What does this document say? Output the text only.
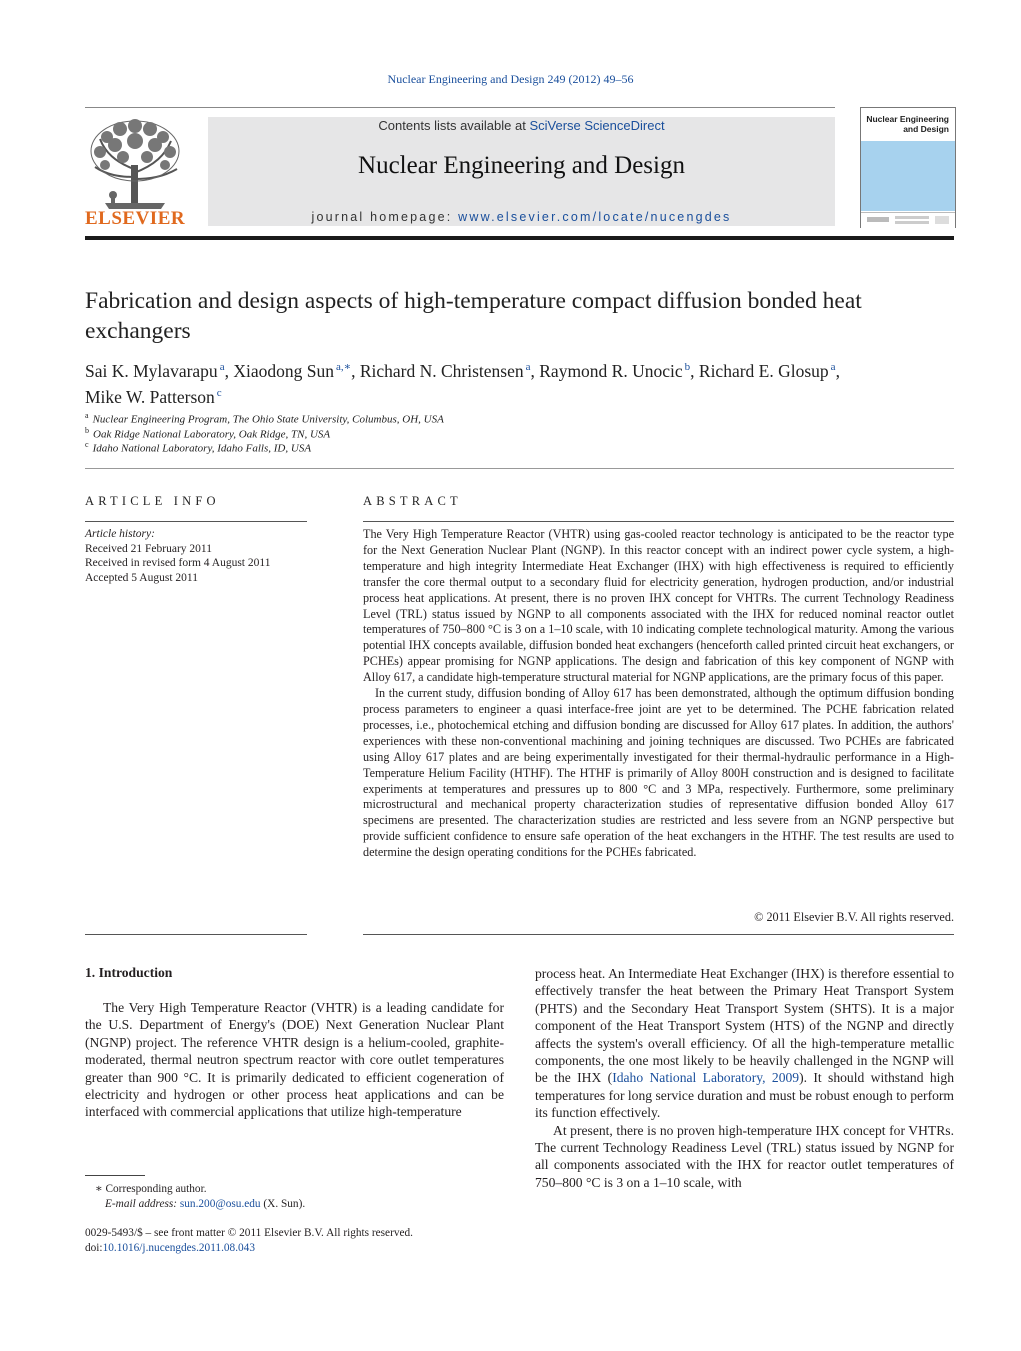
Nuclear Engineering and Design 249 (2012) 49–56
ELSEVIER
Contents lists available at SciVerse ScienceDirect
Nuclear Engineering and Design
journal homepage: www.elsevier.com/locate/nucengdes
Nuclear Engineering
and Design
Fabrication and design aspects of high-temperature compact diffusion bonded heat exchangers
Sai K. Mylavarapu $^a$, Xiaodong Sun $^{a,∗}$, Richard N. Christensen $^a$, Raymond R. Unocic $^b$, Richard E. Glosup $^a$,
Mike W. Patterson $^c$
$^a$ Nuclear Engineering Program, The Ohio State University, Columbus, OH, USA
$^b$ Oak Ridge National Laboratory, Oak Ridge, TN, USA
$^c$ Idaho National Laboratory, Idaho Falls, ID, USA
ARTICLE INFO
Article history:
Received 21 February 2011
Received in revised form 4 August 2011
Accepted 5 August 2011
ABSTRACT

The Very High Temperature Reactor (VHTR) using gas-cooled reactor technology is anticipated to be the reactor type for the Next Generation Nuclear Plant (NGNP). In this reactor concept with an indirect power cycle system, a high-temperature and high integrity Intermediate Heat Exchanger (IHX) with high effectiveness is required to efficiently transfer the core thermal output to a secondary fluid for electricity generation, hydrogen production, and/or industrial process heat applications. At present, there is no proven IHX concept for VHTRs. The current Technology Readiness Level (TRL) status issued by NGNP to all components associated with the IHX for reduced nominal reactor outlet temperatures of 750–800 °C is 3 on a 1–10 scale, with 10 indicating complete technological maturity. Among the various potential IHX concepts available, diffusion bonded heat exchangers (henceforth called printed circuit heat exchangers, or PCHEs) appear promising for NGNP applications. The design and fabrication of this key component of NGNP with Alloy 617, a candidate high-temperature structural material for NGNP applications, are the primary focus of this paper.

In the current study, diffusion bonding of Alloy 617 has been demonstrated, although the optimum diffusion bonding process parameters to engineer a quasi interface-free joint are yet to be determined. The PCHE fabrication related processes, i.e., photochemical etching and diffusion bonding are discussed for Alloy 617 plates. In addition, the authors' experiences with these non-conventional machining and joining techniques are discussed. Two PCHEs are fabricated using Alloy 617 plates and are being experimentally investigated for their thermal-hydraulic performance in a High-Temperature Helium Facility (HTHF). The HTHF is primarily of Alloy 800H construction and is designed to facilitate experiments at temperatures and pressures up to 800 °C and 3 MPa, respectively. Furthermore, some preliminary microstructural and mechanical property characterization studies of representative diffusion bonded Alloy 617 specimens are presented. The characterization studies are restricted and less severe from an NGNP perspective but provide sufficient confidence to ensure safe operation of the heat exchangers in the HTHF. The test results are used to determine the design operating conditions for the PCHEs fabricated.

© 2011 Elsevier B.V. All rights reserved.
1. Introduction

The Very High Temperature Reactor (VHTR) is a leading candidate for the U.S. Department of Energy's (DOE) Next Generation Nuclear Plant (NGNP) project. The reference VHTR design is a helium-cooled, graphite-moderated, thermal neutron spectrum reactor with core outlet temperatures greater than 900 °C. It is primarily dedicated to efficient cogeneration of electricity and hydrogen or other process heat applications and can be interfaced with commercial applications that utilize high-temperature

process heat. An Intermediate Heat Exchanger (IHX) is therefore essential to effectively transfer the heat between the Primary Heat Transport System (PHTS) and the Secondary Heat Transport System (SHTS). It is a major component of the Heat Transport System (HTS) of the NGNP and directly affects the system's overall efficiency. Of all the high-temperature metallic components, the one most likely to be heavily challenged in the NGNP will be the IHX (Idaho National Laboratory, 2009). It should withstand high temperatures for long service duration and must be robust enough to perform its function effectively.

At present, there is no proven high-temperature IHX concept for VHTRs. The current Technology Readiness Level (TRL) status issued by NGNP for all components associated with the IHX for reactor outlet temperatures of 750–800 °C is 3 on a 1–10 scale, with

∗ Corresponding author.
E-mail address: sun.200@osu.edu (X. Sun).
0029-5493/$ – see front matter © 2011 Elsevier B.V. All rights reserved.
doi:10.1016/j.nucengdes.2011.08.043
